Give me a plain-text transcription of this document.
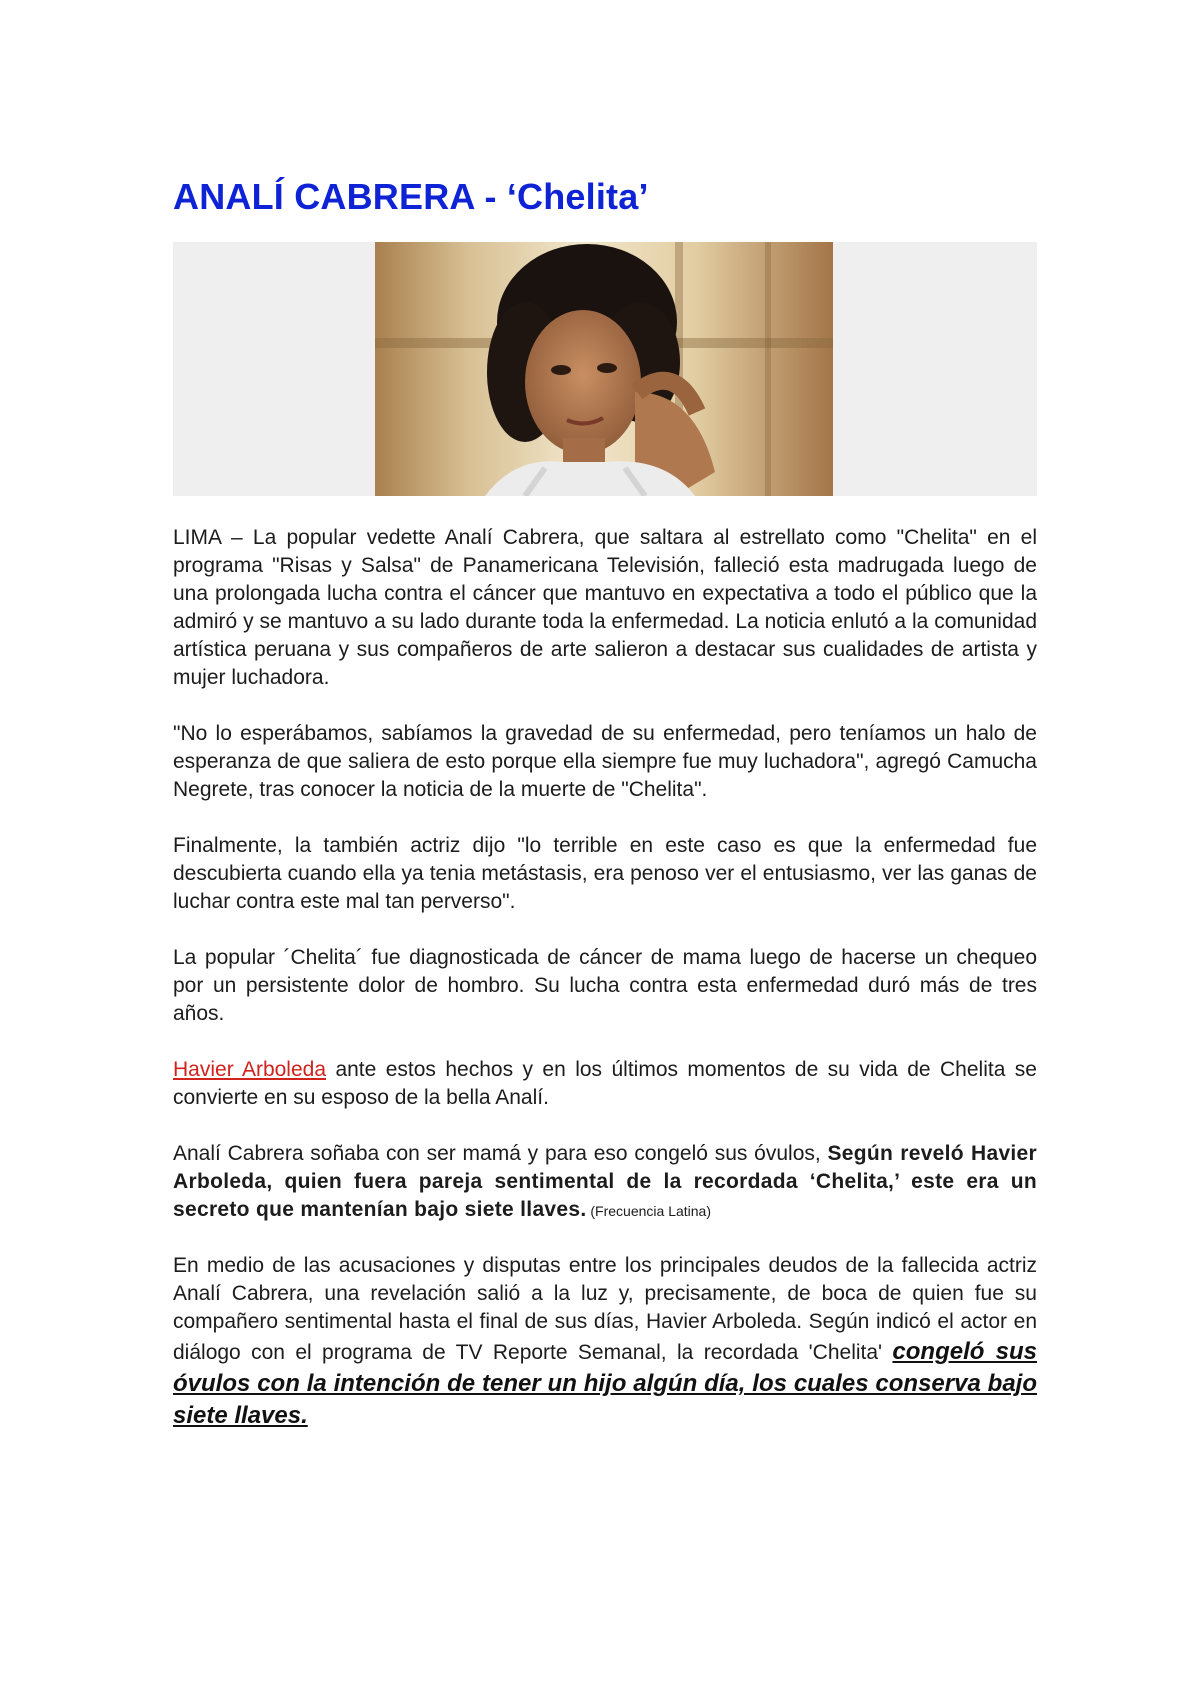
ANALÍ CABRERA - ‘Chelita’

LIMA – La popular vedette Analí Cabrera, que saltara al estrellato como "Chelita" en el programa "Risas y Salsa" de Panamericana Televisión, falleció esta madrugada luego de una prolongada lucha contra el cáncer que mantuvo en expectativa a todo el público que la admiró y se mantuvo a su lado durante toda la enfermedad. La noticia enlutó a la comunidad artística peruana y sus compañeros de arte salieron a destacar sus cualidades de artista y mujer luchadora.

"No lo esperábamos, sabíamos la gravedad de su enfermedad, pero teníamos un halo de esperanza de que saliera de esto porque ella siempre fue muy luchadora", agregó Camucha Negrete, tras conocer la noticia de la muerte de "Chelita".

Finalmente, la también actriz dijo "lo terrible en este caso es que la enfermedad fue descubierta cuando ella ya tenia metástasis, era penoso ver el entusiasmo, ver las ganas de luchar contra este mal tan perverso".

La popular ´Chelita´ fue diagnosticada de cáncer de mama luego de hacerse un chequeo por un persistente dolor de hombro. Su lucha contra esta enfermedad duró más de tres años.

Havier Arboleda ante estos hechos y en los últimos momentos de su vida de Chelita se convierte en su esposo de la bella Analí.

Analí Cabrera soñaba con ser mamá y para eso congeló sus óvulos, Según reveló Havier Arboleda, quien fuera pareja sentimental de la recordada ‘Chelita,’ este era un secreto que mantenían bajo siete llaves. (Frecuencia Latina)

En medio de las acusaciones y disputas entre los principales deudos de la fallecida actriz Analí Cabrera, una revelación salió a la luz y, precisamente, de boca de quien fue su compañero sentimental hasta el final de sus días, Havier Arboleda. Según indicó el actor en diálogo con el programa de TV Reporte Semanal, la recordada 'Chelita' congeló sus óvulos con la intención de tener un hijo algún día, los cuales conserva bajo siete llaves.
